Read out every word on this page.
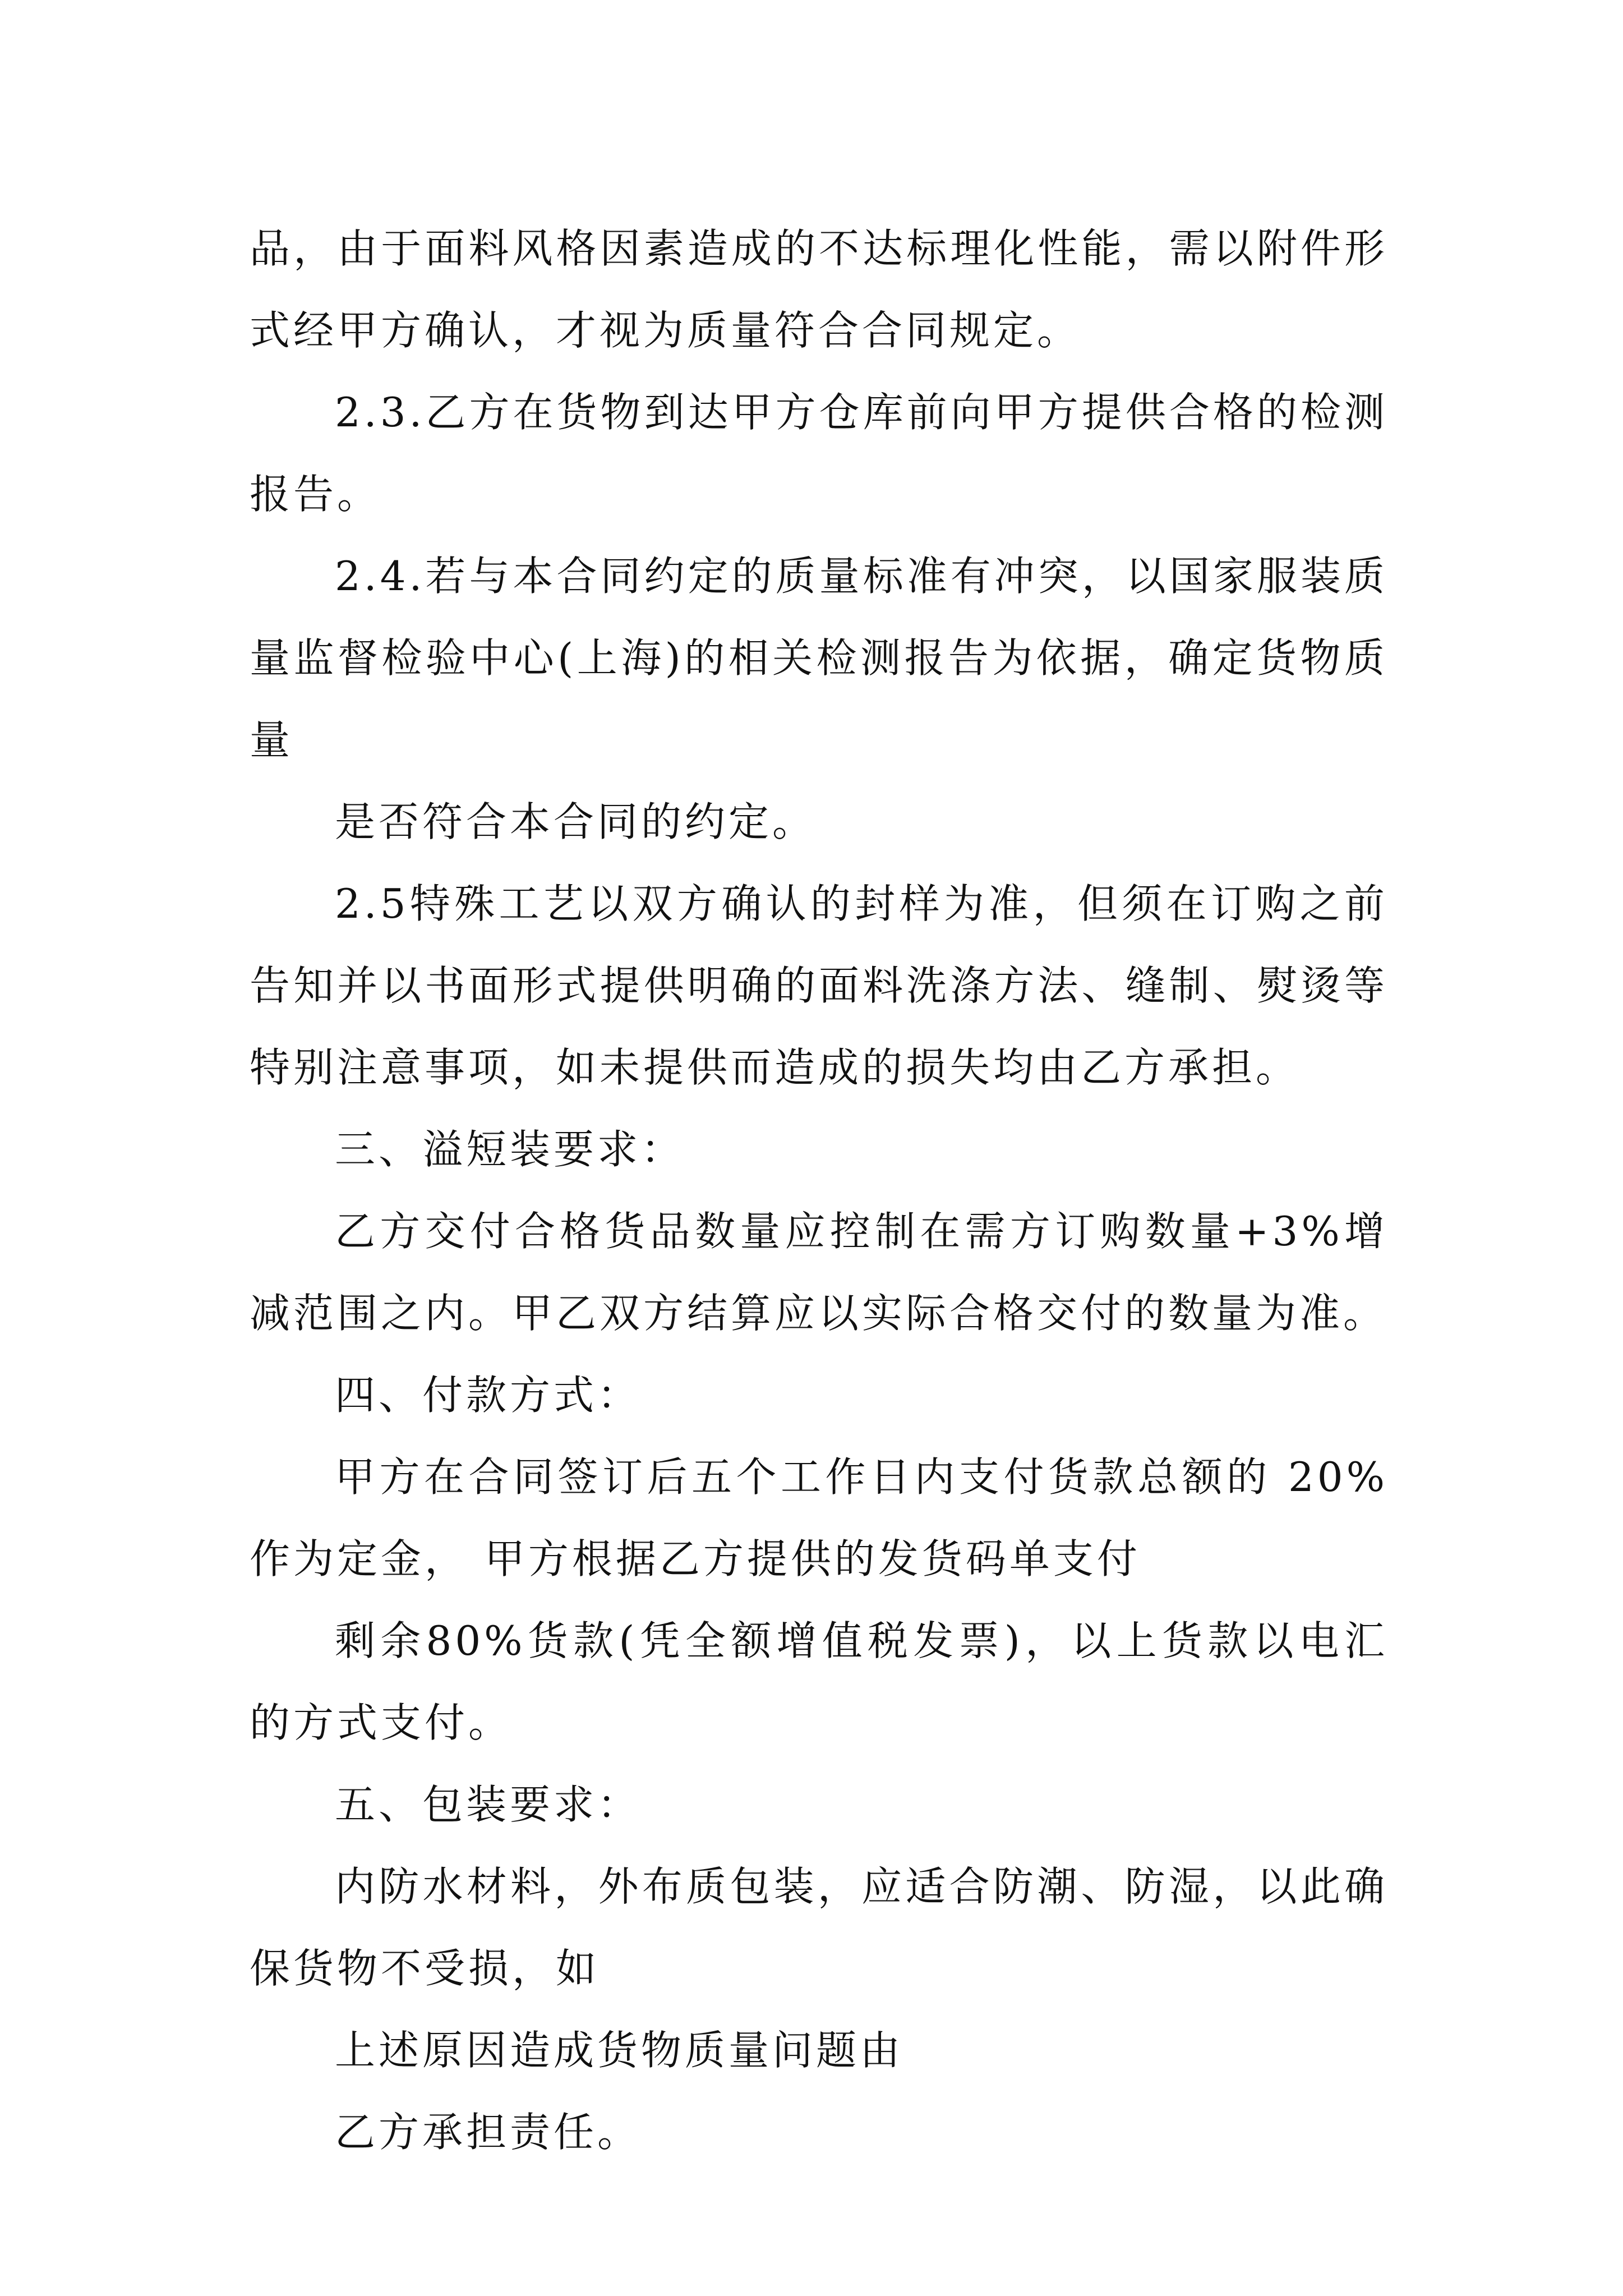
品，由于面料风格因素造成的不达标理化性能，需以附件形式经甲方确认，才视为质量符合合同规定。

2.3.乙方在货物到达甲方仓库前向甲方提供合格的检测报告。

2.4.若与本合同约定的质量标准有冲突，以国家服装质量监督检验中心(上海)的相关检测报告为依据，确定货物质量

是否符合本合同的约定。

2.5特殊工艺以双方确认的封样为准，但须在订购之前告知并以书面形式提供明确的面料洗涤方法、缝制、熨烫等特别注意事项，如未提供而造成的损失均由乙方承担。

三、溢短装要求：

乙方交付合格货品数量应控制在需方订购数量+3%增减范围之内。甲乙双方结算应以实际合格交付的数量为准。

四、付款方式：

甲方在合同签订后五个工作日内支付货款总额的 20%作为定金， 甲方根据乙方提供的发货码单支付

剩余80%货款(凭全额增值税发票)，以上货款以电汇的方式支付。

五、包装要求：

内防水材料，外布质包装，应适合防潮、防湿，以此确保货物不受损，如

上述原因造成货物质量问题由

乙方承担责任。
